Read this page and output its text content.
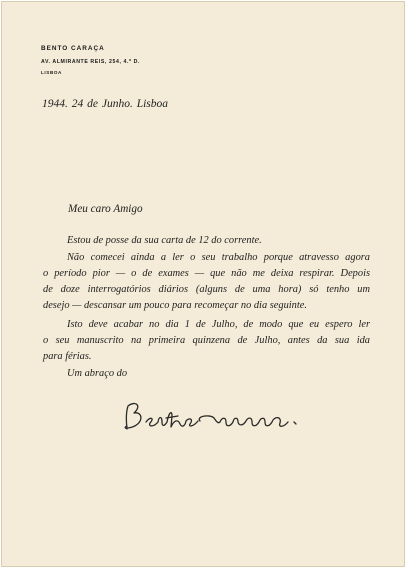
BENTO CARAÇA
AV. ALMIRANTE REIS, 254, 4.º D.
LISBOA
1944. 24 de Junho. Lisboa
Meu caro Amigo
Estou de posse da sua carta de 12 do corrente.
Não comecei ainda a ler o seu trabalho porque atravesso agora
o período pior — o de exames — que não me deixa respirar. Depois
de doze interrogatórios diários (alguns de uma hora) só tenho um
desejo — descansar um pouco para recomeçar no dia seguinte.
Isto deve acabar no dia 1 de Julho, de modo que eu espero ler
o seu manuscrito na primeira quinzena de Julho, antes da sua ida
para férias.
Um abraço do
